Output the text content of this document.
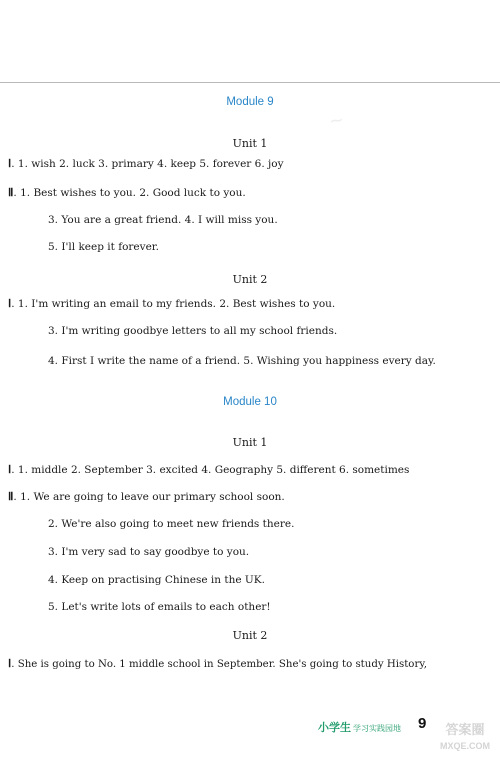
~
Module 9
Unit 1
Ⅰ. 1. wish 2. luck 3. primary 4. keep 5. forever 6. joy
Ⅱ. 1. Best wishes to you. 2. Good luck to you.
3. You are a great friend. 4. I will miss you.
5. I'll keep it forever.
Unit 2
Ⅰ. 1. I'm writing an email to my friends. 2. Best wishes to you.
3. I'm writing goodbye letters to all my school friends.
4. First I write the name of a friend. 5. Wishing you happiness every day.
Module 10
Unit 1
Ⅰ. 1. middle 2. September 3. excited 4. Geography 5. different 6. sometimes
Ⅱ. 1. We are going to leave our primary school soon.
2. We're also going to meet new friends there.
3. I'm very sad to say goodbye to you.
4. Keep on practising Chinese in the UK.
5. Let's write lots of emails to each other!
Unit 2
Ⅰ. She is going to No. 1 middle school in September. She's going to study History,
小学生 学习实践园地 9	答案圈
MXQE.COM
